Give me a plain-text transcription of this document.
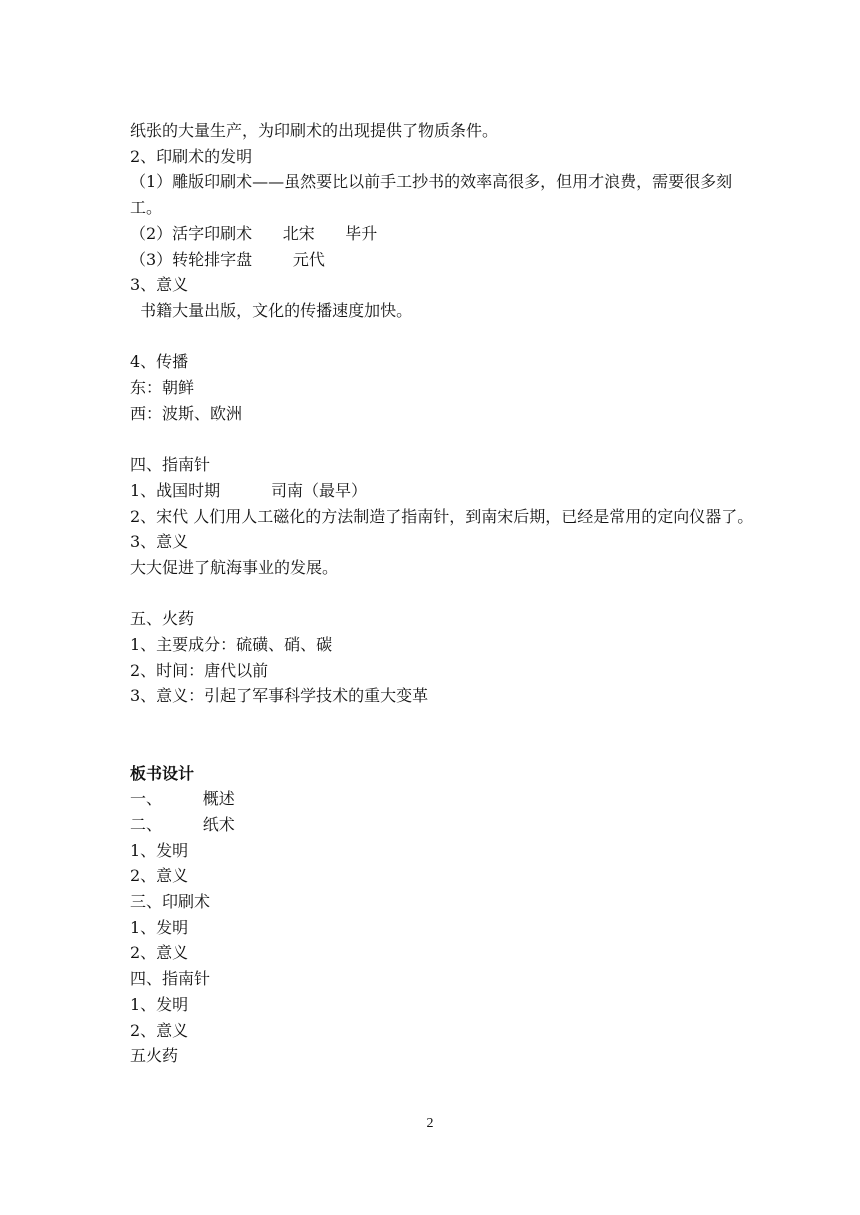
纸张的大量生产，为印刷术的出现提供了物质条件。
2、印刷术的发明
（1）雕版印刷术——虽然要比以前手工抄书的效率高很多，但用才浪费，需要很多刻工。
（2）活字印刷术      北宋      毕升
（3）转轮排字盘        元代
3、意义
书籍大量出版，文化的传播速度加快。
4、传播
东：朝鲜
西：波斯、欧洲
四、指南针
1、战国时期          司南（最早）
2、宋代 人们用人工磁化的方法制造了指南针，到南宋后期，已经是常用的定向仪器了。
3、意义
大大促进了航海事业的发展。
五、火药
1、主要成分：硫磺、硝、碳
2、时间：唐代以前
3、意义：引起了军事科学技术的重大变革
板书设计
一、        概述
二、        纸术
1、发明
2、意义
三、印刷术
1、发明
2、意义
四、指南针
1、发明
2、意义
五火药
2
